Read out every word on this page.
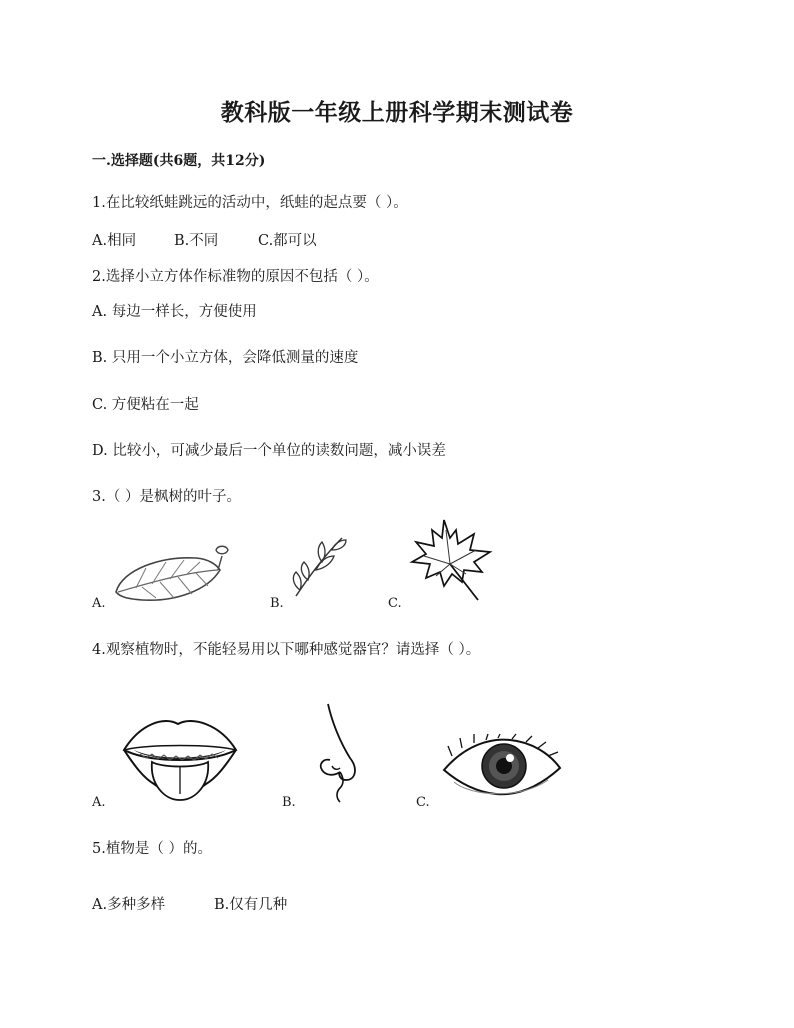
教科版一年级上册科学期末测试卷
一.选择题(共6题，共12分)
1.在比较纸蛙跳远的活动中，纸蛙的起点要（ ）。
A.相同	B.不同	C.都可以
2.选择小立方体作标准物的原因不包括（ ）。
A. 每边一样长，方便使用
B. 只用一个小立方体，会降低测量的速度
C. 方便粘在一起
D. 比较小，可减少最后一个单位的读数问题，减小误差
3.（ ）是枫树的叶子。
A.	B.	C.
4.观察植物时，不能轻易用以下哪种感觉器官？请选择（ ）。
A.	B.	C.
5.植物是（ ）的。
A.多种多样	B.仅有几种
